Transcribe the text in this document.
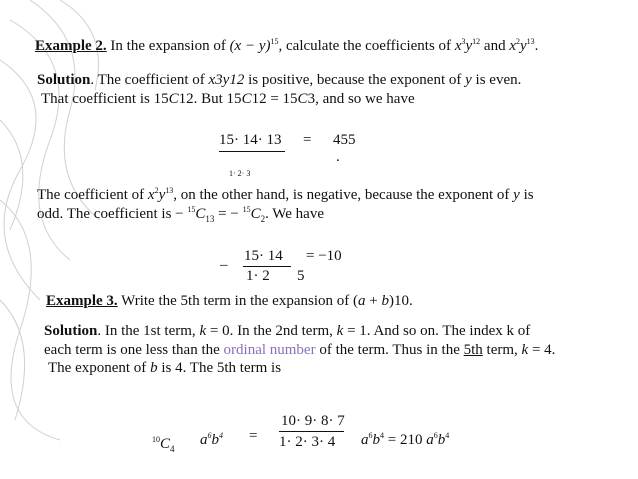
Example 2. In the expansion of $(x - y)^{15}$, calculate the coefficients of $x^3y^{12}$ and $x^2y^{13}$.
Solution. The coefficient of x3y12 is positive, because the exponent of y is even.
That coefficient is 15C12. But 15C12 = 15C3, and so we have
15· 14· 13 = 455
.
1· 2· 3
The coefficient of $x^2y^{13}$, on the other hand, is negative, because the exponent of y is
odd. The coefficient is − $^{15}C_{13}$ = − $^{15}C_2$. We have
_ 15· 14 = −10
1· 2 5
Example 3. Write the 5th term in the expansion of (a + b)10.
Solution. In the 1st term, k = 0. In the 2nd term, k = 1. And so on. The index k of
each term is one less than the ordinal number of the term. Thus in the 5th term, k = 4.
The exponent of b is 4. The 5th term is
$^{10}C_4$
$a^6b^4$ =
10· 9· 8· 7
1· 2· 3· 4 $a^6b^4 = 210$ $a^6b^4$
